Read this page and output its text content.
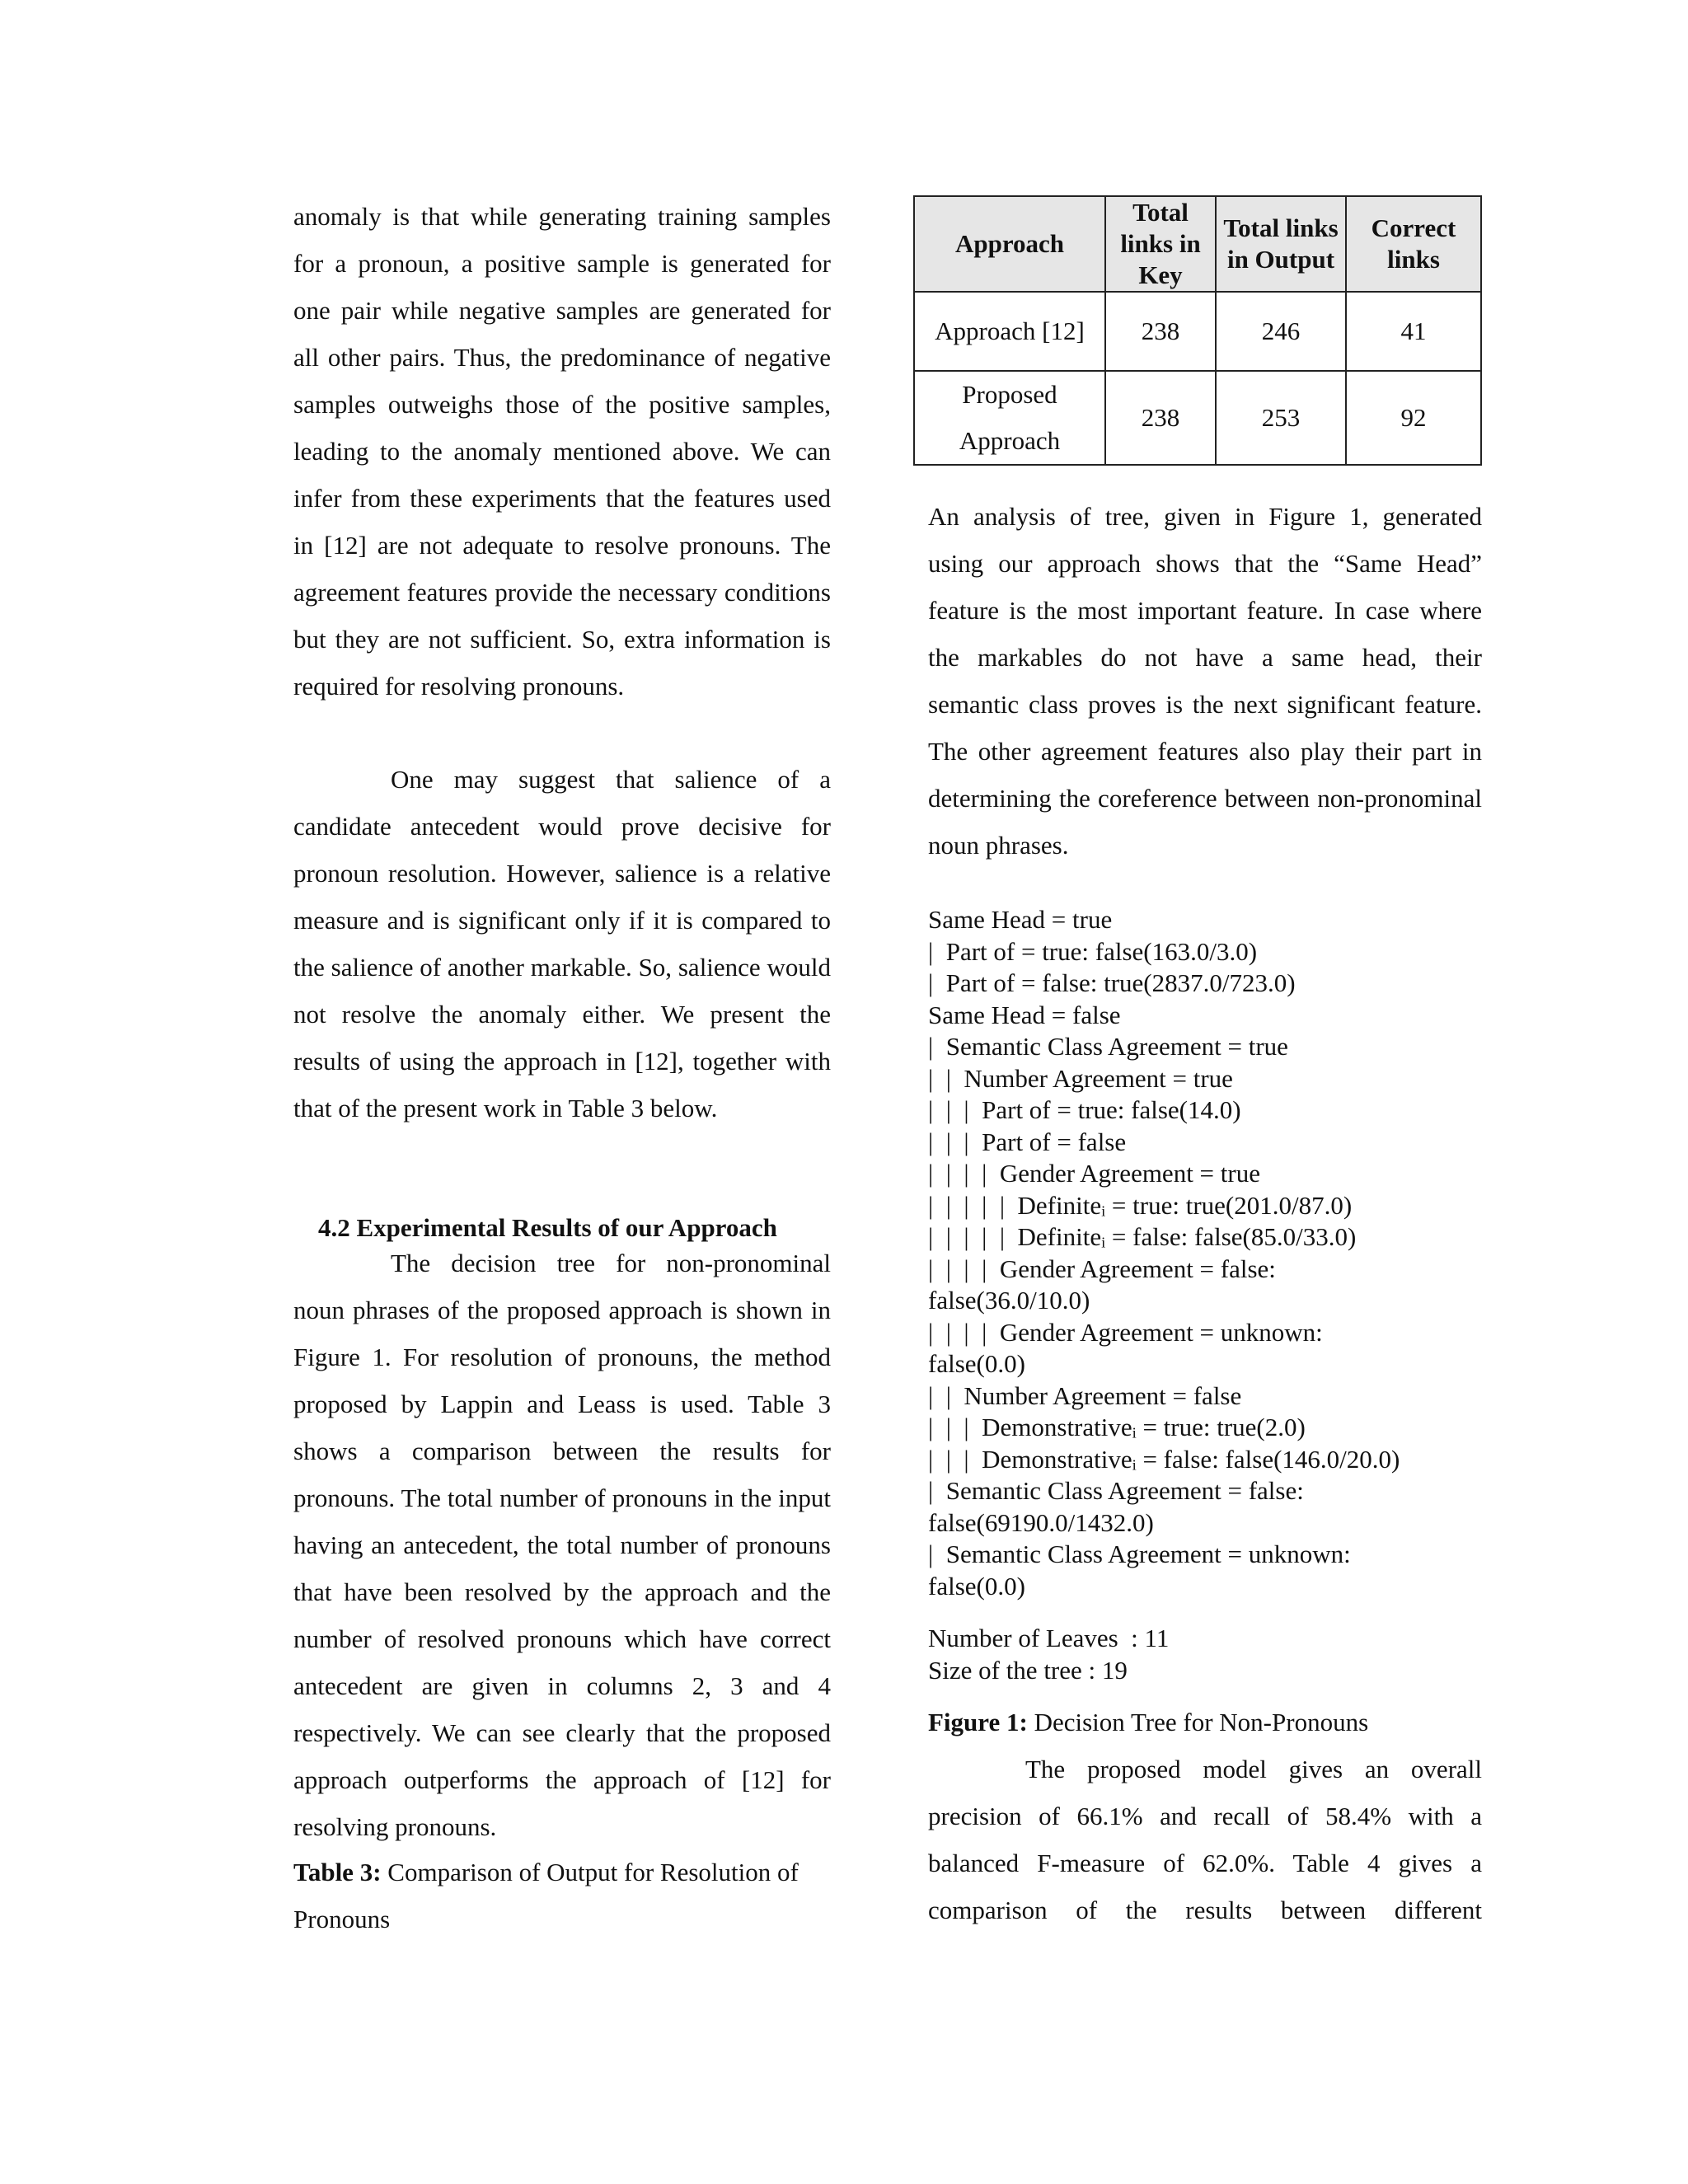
anomaly is that while generating training samples for a pronoun, a positive sample is generated for one pair while negative samples are generated for all other pairs. Thus, the predominance of negative samples outweighs those of the positive samples, leading to the anomaly mentioned above. We can infer from these experiments that the features used in [12] are not adequate to resolve pronouns. The agreement features provide the necessary conditions but they are not sufficient. So, extra information is required for resolving pronouns.

One may suggest that salience of a candidate antecedent would prove decisive for pronoun resolution. However, salience is a relative measure and is significant only if it is compared to the salience of another markable. So, salience would not resolve the anomaly either. We present the results of using the approach in [12], together with that of the present work in Table 3 below.

4.2 Experimental Results of our Approach

The decision tree for non-pronominal noun phrases of the proposed approach is shown in Figure 1. For resolution of pronouns, the method proposed by Lappin and Leass is used. Table 3 shows a comparison between the results for pronouns. The total number of pronouns in the input having an antecedent, the total number of pronouns that have been resolved by the approach and the number of resolved pronouns which have correct antecedent are given in columns 2, 3 and 4 respectively. We can see clearly that the proposed approach outperforms the approach of [12] for resolving pronouns.

Table 3: Comparison of Output for Resolution of Pronouns

Approach	Total links in Key	Total links in Output	Correct links
Approach [12]	238	246	41
Proposed Approach	238	253	92

An analysis of tree, given in Figure 1, generated using our approach shows that the “Same Head” feature is the most important feature. In case where the markables do not have a same head, their semantic class proves is the next significant feature. The other agreement features also play their part in determining the coreference between non-pronominal noun phrases.

Same Head = true
|  Part of = true: false(163.0/3.0)
|  Part of = false: true(2837.0/723.0)
Same Head = false
|  Semantic Class Agreement = true
|  |  Number Agreement = true
|  |  |  Part of = true: false(14.0)
|  |  |  Part of = false
|  |  |  |  Gender Agreement = true
|  |  |  |  |  Definiteᵢ = true: true(201.0/87.0)
|  |  |  |  |  Definiteᵢ = false: false(85.0/33.0)
|  |  |  |  Gender Agreement = false:
false(36.0/10.0)
|  |  |  |  Gender Agreement = unknown:
false(0.0)
|  |  Number Agreement = false
|  |  |  Demonstrativeᵢ = true: true(2.0)
|  |  |  Demonstrativeᵢ = false: false(146.0/20.0)
|  Semantic Class Agreement = false:
false(69190.0/1432.0)
|  Semantic Class Agreement = unknown:
false(0.0)
Number of Leaves  : 11
Size of the tree : 19

Figure 1: Decision Tree for Non-Pronouns

The proposed model gives an overall precision of 66.1% and recall of 58.4% with a balanced F-measure of 62.0%. Table 4 gives a comparison of the results between different
